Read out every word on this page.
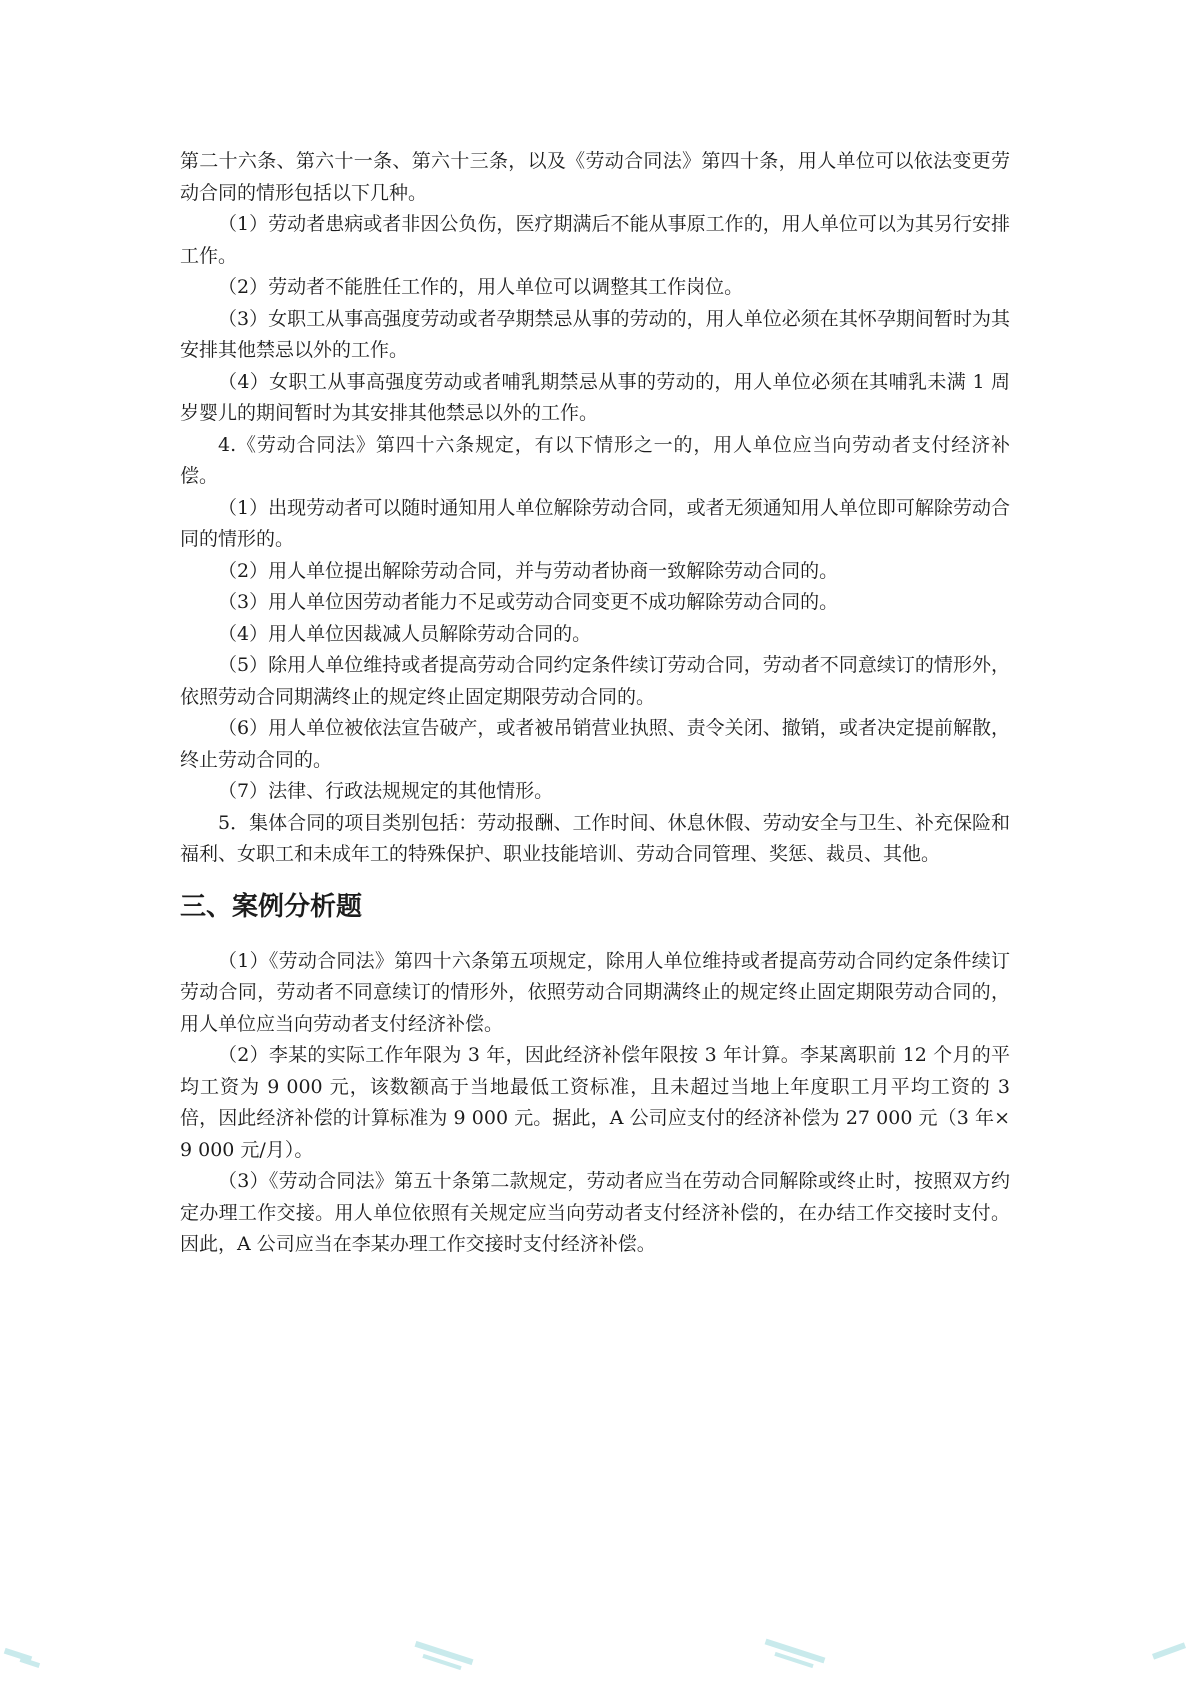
第二十六条、第六十一条、第六十三条，以及《劳动合同法》第四十条，用人单位可以依法变更劳动合同的情形包括以下几种。

（1）劳动者患病或者非因公负伤，医疗期满后不能从事原工作的，用人单位可以为其另行安排工作。

（2）劳动者不能胜任工作的，用人单位可以调整其工作岗位。

（3）女职工从事高强度劳动或者孕期禁忌从事的劳动的，用人单位必须在其怀孕期间暂时为其安排其他禁忌以外的工作。

（4）女职工从事高强度劳动或者哺乳期禁忌从事的劳动的，用人单位必须在其哺乳未满 1 周岁婴儿的期间暂时为其安排其他禁忌以外的工作。

4.《劳动合同法》第四十六条规定，有以下情形之一的，用人单位应当向劳动者支付经济补偿。

（1）出现劳动者可以随时通知用人单位解除劳动合同，或者无须通知用人单位即可解除劳动合同的情形的。

（2）用人单位提出解除劳动合同，并与劳动者协商一致解除劳动合同的。

（3）用人单位因劳动者能力不足或劳动合同变更不成功解除劳动合同的。

（4）用人单位因裁减人员解除劳动合同的。

（5）除用人单位维持或者提高劳动合同约定条件续订劳动合同，劳动者不同意续订的情形外，依照劳动合同期满终止的规定终止固定期限劳动合同的。

（6）用人单位被依法宣告破产，或者被吊销营业执照、责令关闭、撤销，或者决定提前解散，终止劳动合同的。

（7）法律、行政法规规定的其他情形。

5．集体合同的项目类别包括：劳动报酬、工作时间、休息休假、劳动安全与卫生、补充保险和福利、女职工和未成年工的特殊保护、职业技能培训、劳动合同管理、奖惩、裁员、其他。

三、案例分析题

（1）《劳动合同法》第四十六条第五项规定，除用人单位维持或者提高劳动合同约定条件续订劳动合同，劳动者不同意续订的情形外，依照劳动合同期满终止的规定终止固定期限劳动合同的，用人单位应当向劳动者支付经济补偿。

（2）李某的实际工作年限为 3 年，因此经济补偿年限按 3 年计算。李某离职前 12 个月的平均工资为 9 000 元，该数额高于当地最低工资标准，且未超过当地上年度职工月平均工资的 3 倍，因此经济补偿的计算标准为 9 000 元。据此，A 公司应支付的经济补偿为 27 000 元（3 年×9 000 元/月）。

（3）《劳动合同法》第五十条第二款规定，劳动者应当在劳动合同解除或终止时，按照双方约定办理工作交接。用人单位依照有关规定应当向劳动者支付经济补偿的，在办结工作交接时支付。因此，A 公司应当在李某办理工作交接时支付经济补偿。
